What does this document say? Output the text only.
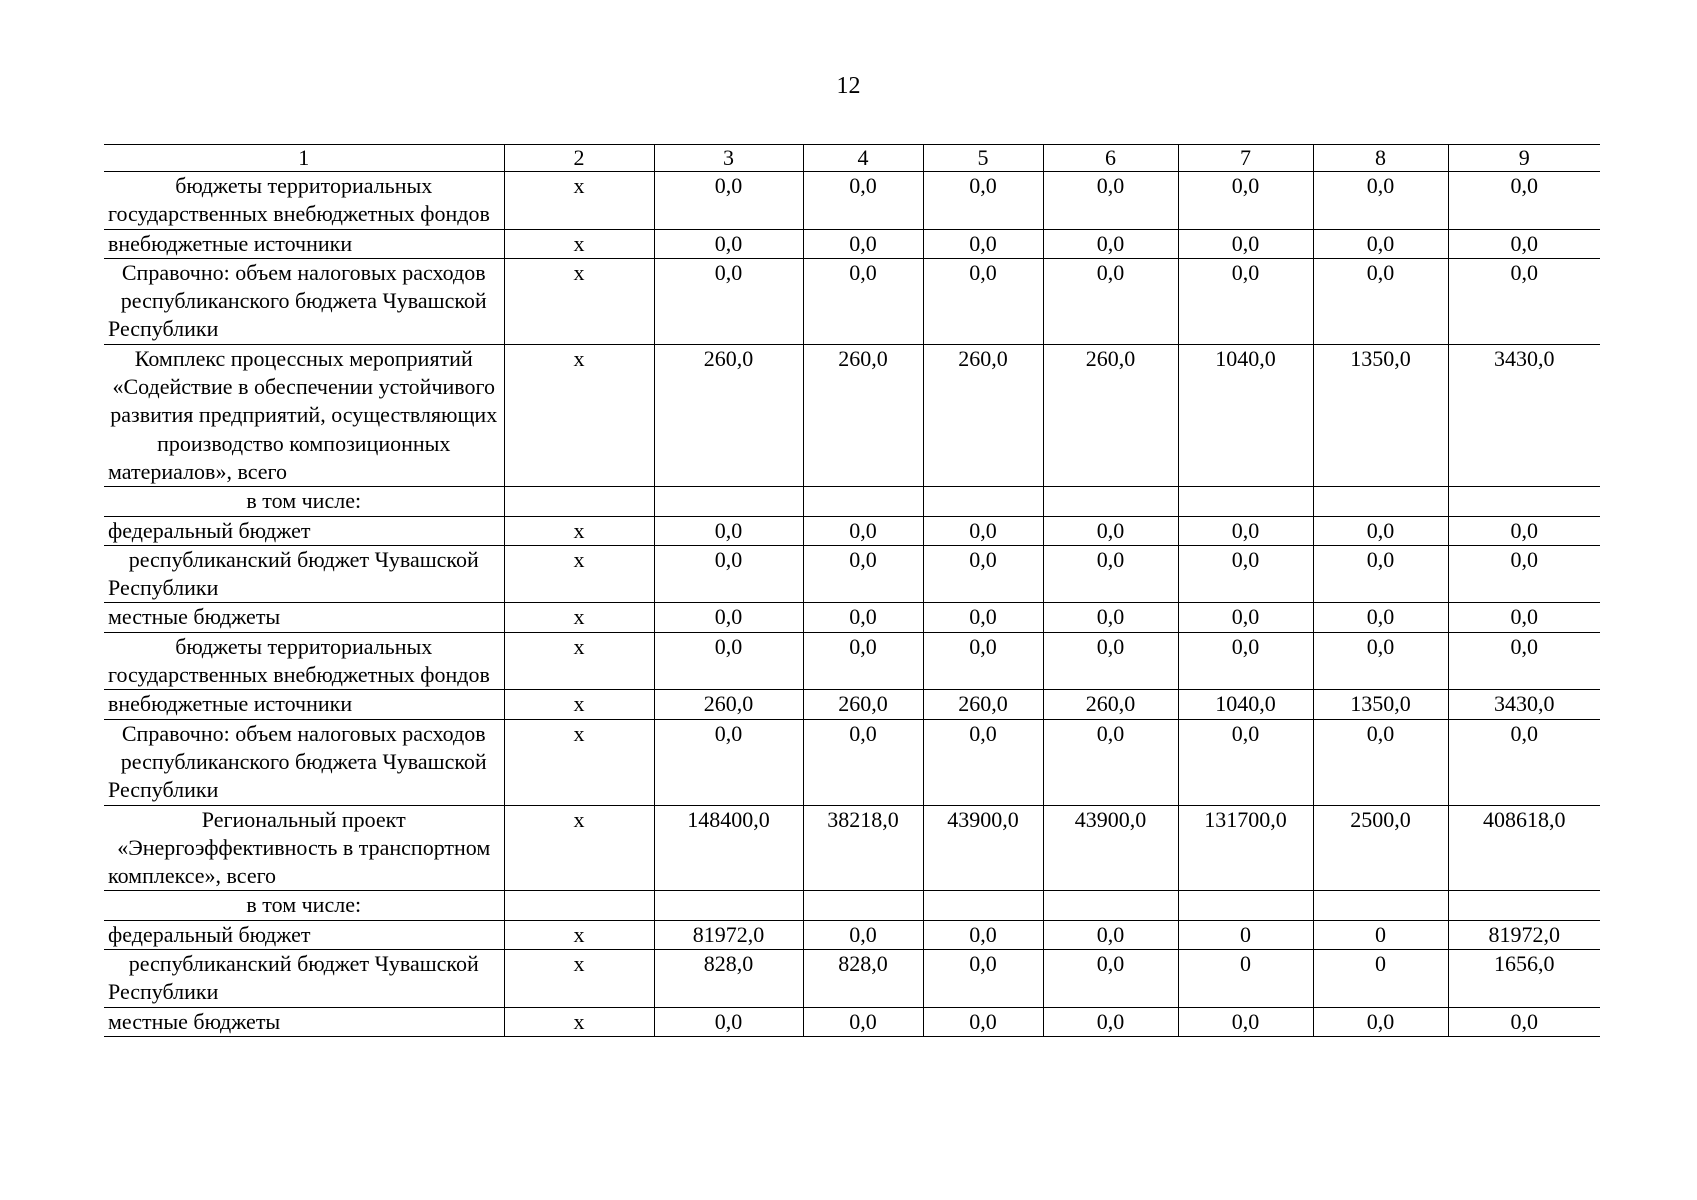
12
1	2	3	4	5	6	7	8	9
бюджеты территориальных государственных внебюджетных фондов	х	0,0	0,0	0,0	0,0	0,0	0,0	0,0
внебюджетные источники	х	0,0	0,0	0,0	0,0	0,0	0,0	0,0
Справочно: объем налоговых расходов республиканского бюджета Чувашской Республики	х	0,0	0,0	0,0	0,0	0,0	0,0	0,0
Комплекс процессных мероприятий «Содействие в обеспечении устойчивого развития предприятий, осуществляющих производство композиционных материалов», всего	х	260,0	260,0	260,0	260,0	1040,0	1350,0	3430,0
в том числе:								
федеральный бюджет	х	0,0	0,0	0,0	0,0	0,0	0,0	0,0
республиканский бюджет Чувашской Республики	х	0,0	0,0	0,0	0,0	0,0	0,0	0,0
местные бюджеты	х	0,0	0,0	0,0	0,0	0,0	0,0	0,0
бюджеты территориальных государственных внебюджетных фондов	х	0,0	0,0	0,0	0,0	0,0	0,0	0,0
внебюджетные источники	х	260,0	260,0	260,0	260,0	1040,0	1350,0	3430,0
Справочно: объем налоговых расходов республиканского бюджета Чувашской Республики	х	0,0	0,0	0,0	0,0	0,0	0,0	0,0
Региональный проект «Энергоэффективность в транспортном комплексе», всего	х	148400,0	38218,0	43900,0	43900,0	131700,0	2500,0	408618,0
в том числе:								
федеральный бюджет	х	81972,0	0,0	0,0	0,0	0	0	81972,0
республиканский бюджет Чувашской Республики	х	828,0	828,0	0,0	0,0	0	0	1656,0
местные бюджеты	х	0,0	0,0	0,0	0,0	0,0	0,0	0,0
